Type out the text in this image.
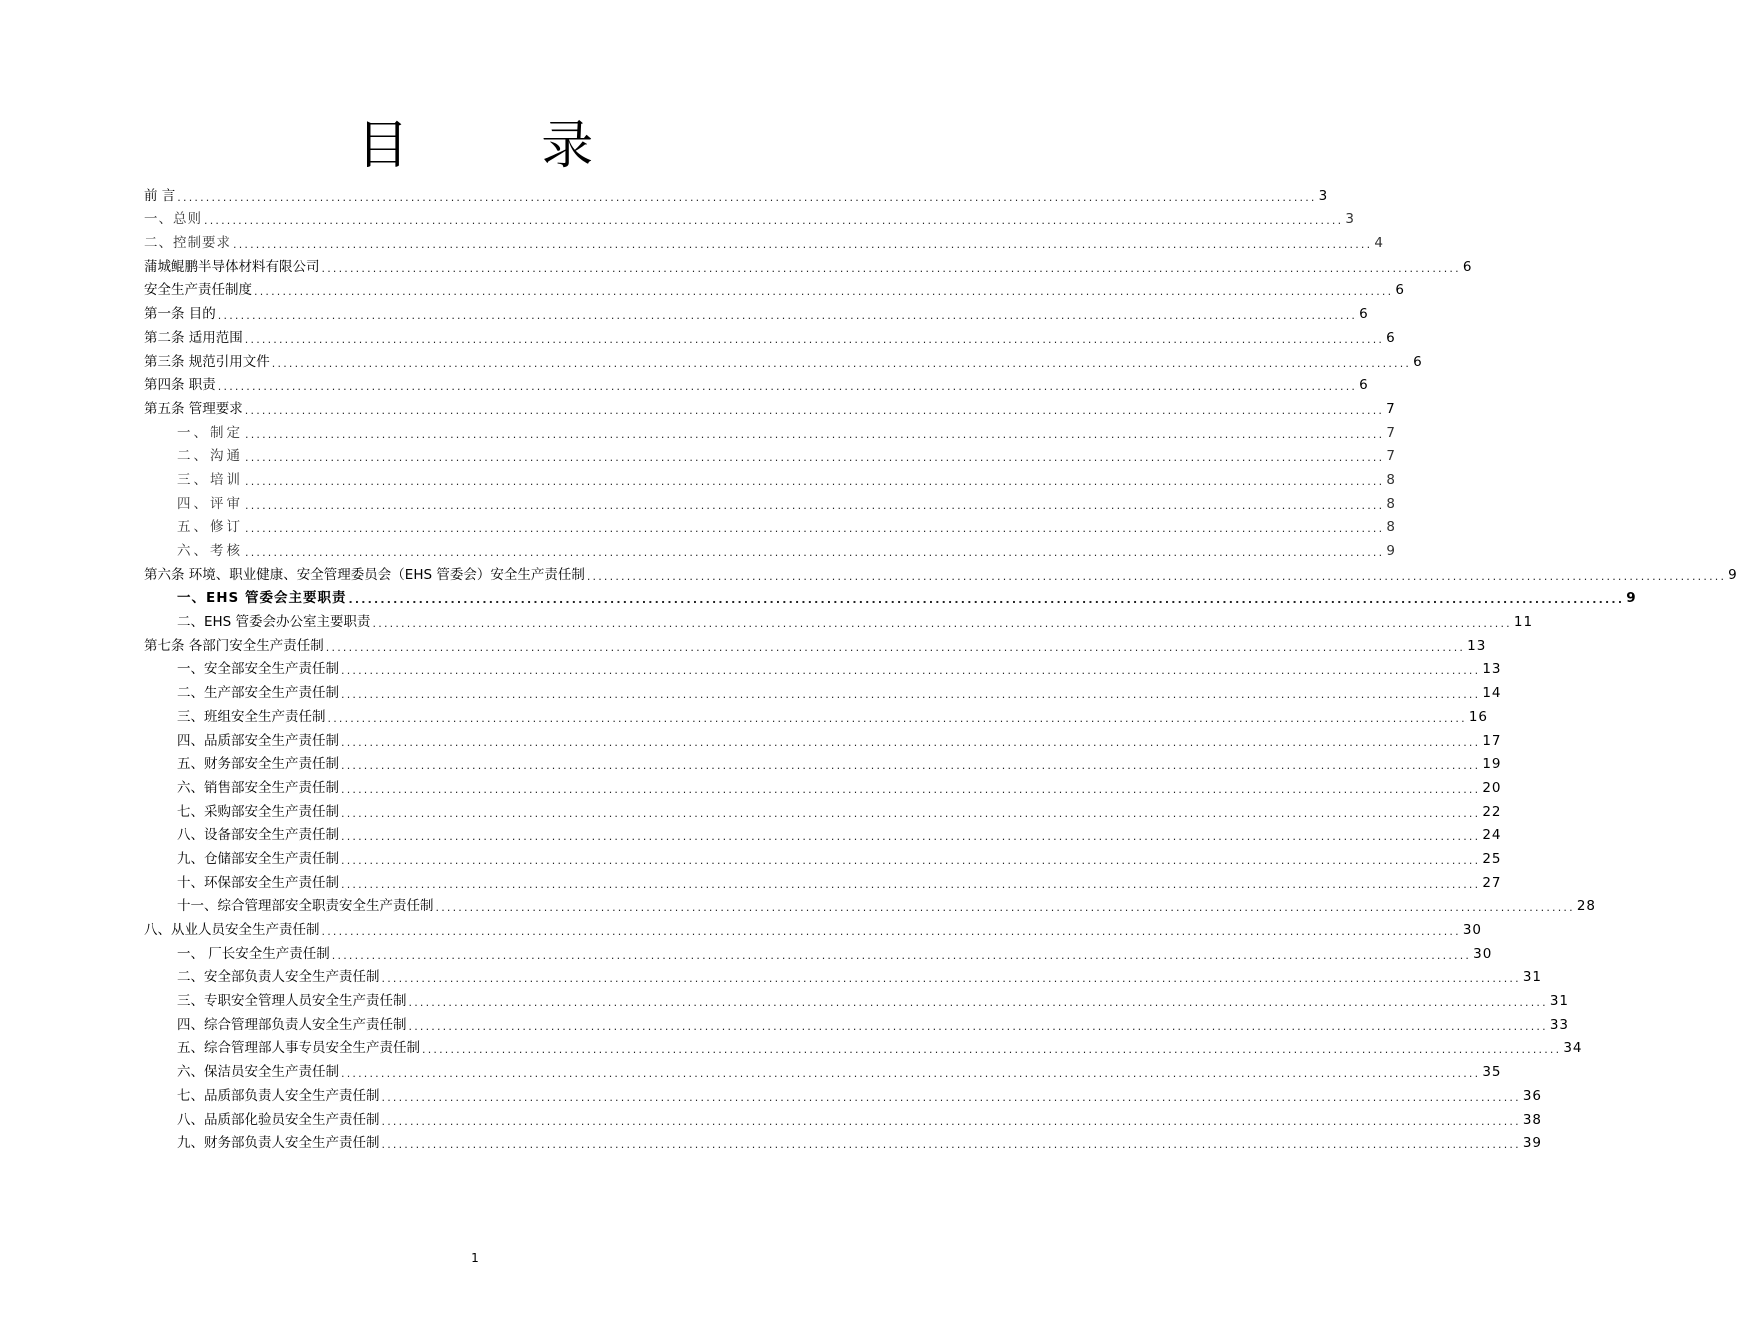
目 录
前 言 ........................................................................................................................................................................................................ 3
一、总则 ........................................................................................................................................................................................................ 3
二、控制要求 ........................................................................................................................................................................................................ 4
蒲城鲲鹏半导体材料有限公司 ........................................................................................................................................................................................................ 6
安全生产责任制度 ........................................................................................................................................................................................................ 6
第一条 目的 ........................................................................................................................................................................................................ 6
第二条 适用范围 ........................................................................................................................................................................................................ 6
第三条 规范引用文件 ........................................................................................................................................................................................................ 6
第四条 职责 ........................................................................................................................................................................................................ 6
第五条 管理要求 ........................................................................................................................................................................................................ 7
一、制定 ........................................................................................................................................................................................................ 7
二、沟通 ........................................................................................................................................................................................................ 7
三、培训 ........................................................................................................................................................................................................ 8
四、评审 ........................................................................................................................................................................................................ 8
五、修订 ........................................................................................................................................................................................................ 8
六、考核 ........................................................................................................................................................................................................ 9
第六条 环境、职业健康、安全管理委员会（EHS 管委会）安全生产责任制 ........................................................................................................................................................................................................ 9
一、EHS 管委会主要职责 ........................................................................................................................................................................................................ 9
二、EHS 管委会办公室主要职责 ........................................................................................................................................................................................................ 11
第七条 各部门安全生产责任制 ........................................................................................................................................................................................................ 13
一、安全部安全生产责任制 ........................................................................................................................................................................................................ 13
二、生产部安全生产责任制 ........................................................................................................................................................................................................ 14
三、班组安全生产责任制 ........................................................................................................................................................................................................ 16
四、品质部安全生产责任制 ........................................................................................................................................................................................................ 17
五、财务部安全生产责任制 ........................................................................................................................................................................................................ 19
六、销售部安全生产责任制 ........................................................................................................................................................................................................ 20
七、采购部安全生产责任制 ........................................................................................................................................................................................................ 22
八、设备部安全生产责任制 ........................................................................................................................................................................................................ 24
九、仓储部安全生产责任制 ........................................................................................................................................................................................................ 25
十、环保部安全生产责任制 ........................................................................................................................................................................................................ 27
十一、综合管理部安全职责安全生产责任制 ........................................................................................................................................................................................................ 28
八、从业人员安全生产责任制 ........................................................................................................................................................................................................ 30
一、 厂长安全生产责任制 ........................................................................................................................................................................................................ 30
二、安全部负责人安全生产责任制 ........................................................................................................................................................................................................ 31
三、专职安全管理人员安全生产责任制 ........................................................................................................................................................................................................ 31
四、综合管理部负责人安全生产责任制 ........................................................................................................................................................................................................ 33
五、综合管理部人事专员安全生产责任制 ........................................................................................................................................................................................................ 34
六、保洁员安全生产责任制 ........................................................................................................................................................................................................ 35
七、品质部负责人安全生产责任制 ........................................................................................................................................................................................................ 36
八、品质部化验员安全生产责任制 ........................................................................................................................................................................................................ 38
九、财务部负责人安全生产责任制 ........................................................................................................................................................................................................ 39
1
